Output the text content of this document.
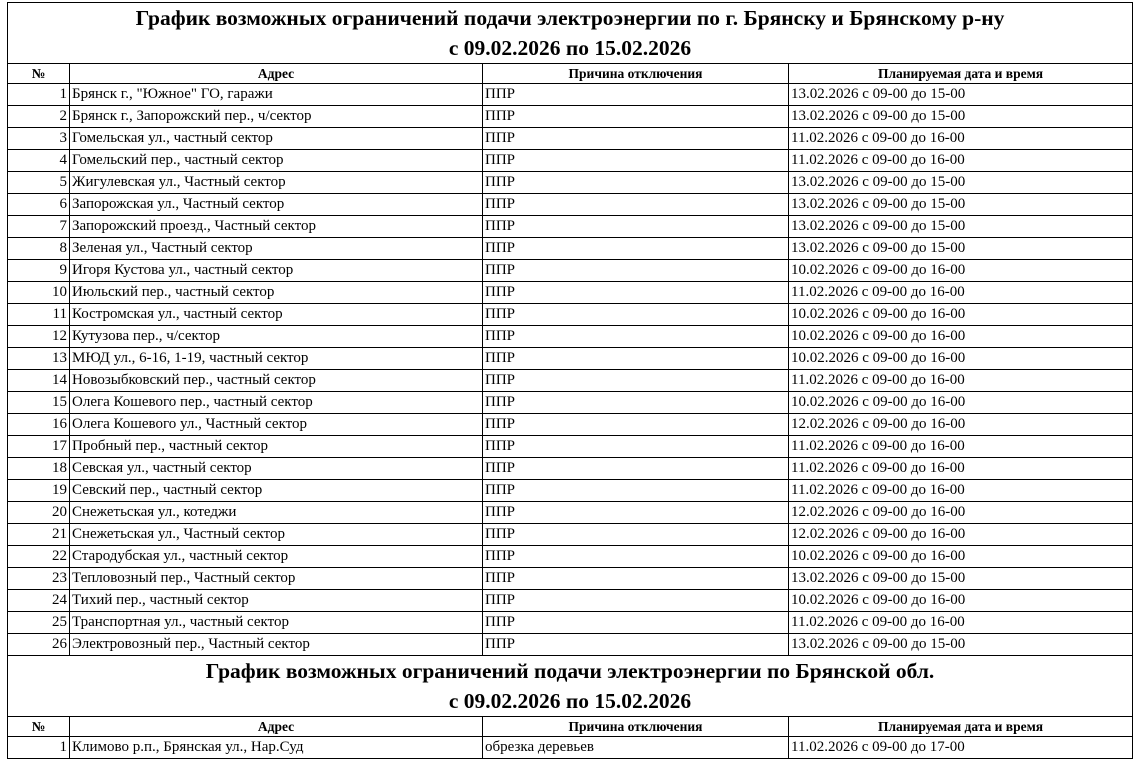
График возможных ограничений подачи электроэнергии по г. Брянску и Брянскому р-ну
с 09.02.2026 по 15.02.2026			

№	Адрес	Причина отключения	Планируемая дата и время
1	Брянск г., "Южное" ГО, гаражи	ППР	13.02.2026 с 09-00 до 15-00
2	Брянск г., Запорожский пер., ч/сектор	ППР	13.02.2026 с 09-00 до 15-00
3	Гомельская ул., частный сектор	ППР	11.02.2026 с 09-00 до 16-00
4	Гомельский пер., частный сектор	ППР	11.02.2026 с 09-00 до 16-00
5	Жигулевская ул., Частный сектор	ППР	13.02.2026 с 09-00 до 15-00
6	Запорожская ул., Частный сектор	ППР	13.02.2026 с 09-00 до 15-00
7	Запорожский проезд., Частный сектор	ППР	13.02.2026 с 09-00 до 15-00
8	Зеленая ул., Частный сектор	ППР	13.02.2026 с 09-00 до 15-00
9	Игоря Кустова ул., частный сектор	ППР	10.02.2026 с 09-00 до 16-00
10	Июльский пер., частный сектор	ППР	11.02.2026 с 09-00 до 16-00
11	Костромская ул., частный сектор	ППР	10.02.2026 с 09-00 до 16-00
12	Кутузова пер., ч/сектор	ППР	10.02.2026 с 09-00 до 16-00
13	МЮД ул., 6-16, 1-19, частный сектор	ППР	10.02.2026 с 09-00 до 16-00
14	Новозыбковский пер., частный сектор	ППР	11.02.2026 с 09-00 до 16-00
15	Олега Кошевого пер., частный сектор	ППР	10.02.2026 с 09-00 до 16-00
16	Олега Кошевого ул., Частный сектор	ППР	12.02.2026 с 09-00 до 16-00
17	Пробный пер., частный сектор	ППР	11.02.2026 с 09-00 до 16-00
18	Севская ул., частный сектор	ППР	11.02.2026 с 09-00 до 16-00
19	Севский пер., частный сектор	ППР	11.02.2026 с 09-00 до 16-00
20	Снежетьская ул., котеджи	ППР	12.02.2026 с 09-00 до 16-00
21	Снежетьская ул., Частный сектор	ППР	12.02.2026 с 09-00 до 16-00
22	Стародубская ул., частный сектор	ППР	10.02.2026 с 09-00 до 16-00
23	Тепловозный пер., Частный сектор	ППР	13.02.2026 с 09-00 до 15-00
24	Тихий пер., частный сектор	ППР	10.02.2026 с 09-00 до 16-00
25	Транспортная ул., частный сектор	ППР	11.02.2026 с 09-00 до 16-00
26	Электровозный пер., Частный сектор	ППР	13.02.2026 с 09-00 до 15-00

График возможных ограничений подачи электроэнергии по Брянской обл.
с 09.02.2026 по 15.02.2026			

№	Адрес	Причина отключения	Планируемая дата и время
1	Климово р.п., Брянская ул., Нар.Суд	обрезка деревьев	11.02.2026 с 09-00 до 17-00
